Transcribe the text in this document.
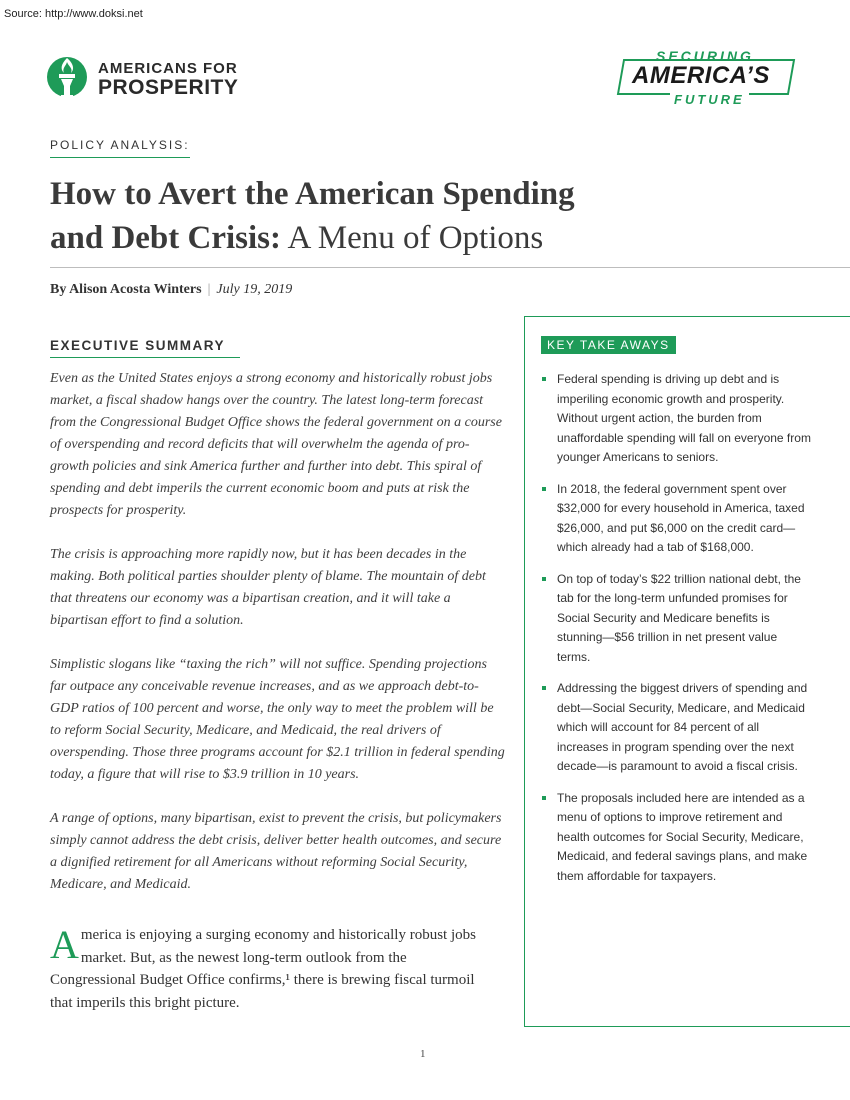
Source: http://www.doksi.net
AMERICANS FOR
PROSPERITY
SECURING
AMERICA’S
FUTURE
POLICY ANALYSIS:
How to Avert the American Spending
and Debt Crisis: A Menu of Options
By Alison Acosta Winters | July 19, 2019
EXECUTIVE SUMMARY

Even as the United States enjoys a strong economy and historically robust jobs market, a fiscal shadow hangs over the country. The latest long-term forecast from the Congressional Budget Office shows the federal government on a course of overspending and record deficits that will overwhelm the agenda of pro-growth policies and sink America further and further into debt. This spiral of spending and debt imperils the current economic boom and puts at risk the prospects for prosperity.

The crisis is approaching more rapidly now, but it has been decades in the making. Both political parties shoulder plenty of blame. The mountain of debt that threatens our economy was a bipartisan creation, and it will take a bipartisan effort to find a solution.

Simplistic slogans like “taxing the rich” will not suffice. Spending projections far outpace any conceivable revenue increases, and as we approach debt-to-GDP ratios of 100 percent and worse, the only way to meet the problem will be to reform Social Security, Medicare, and Medicaid, the real drivers of overspending. Those three programs account for $2.1 trillion in federal spending today, a figure that will rise to $3.9 trillion in 10 years.

A range of options, many bipartisan, exist to prevent the crisis, but policymakers simply cannot address the debt crisis, deliver better health outcomes, and secure a dignified retirement for all Americans without reforming Social Security, Medicare, and Medicaid.

America is enjoying a surging economy and historically robust jobs market. But, as the newest long-term outlook from the Congressional Budget Office confirms,¹ there is brewing fiscal turmoil that imperils this bright picture.
KEY TAKE AWAYS
Federal spending is driving up debt and is imperiling economic growth and prosperity. Without urgent action, the burden from unaffordable spending will fall on everyone from younger Americans to seniors.
In 2018, the federal government spent over $32,000 for every household in America, taxed $26,000, and put $6,000 on the credit card—which already had a tab of $168,000.
On top of today’s $22 trillion national debt, the tab for the long-term unfunded promises for Social Security and Medicare benefits is stunning—$56 trillion in net present value terms.
Addressing the biggest drivers of spending and debt—Social Security, Medicare, and Medicaid which will account for 84 percent of all increases in program spending over the next decade—is paramount to avoid a fiscal crisis.
The proposals included here are intended as a menu of options to improve retirement and health outcomes for Social Security, Medicare, Medicaid, and federal savings plans, and make them affordable for taxpayers.
1
